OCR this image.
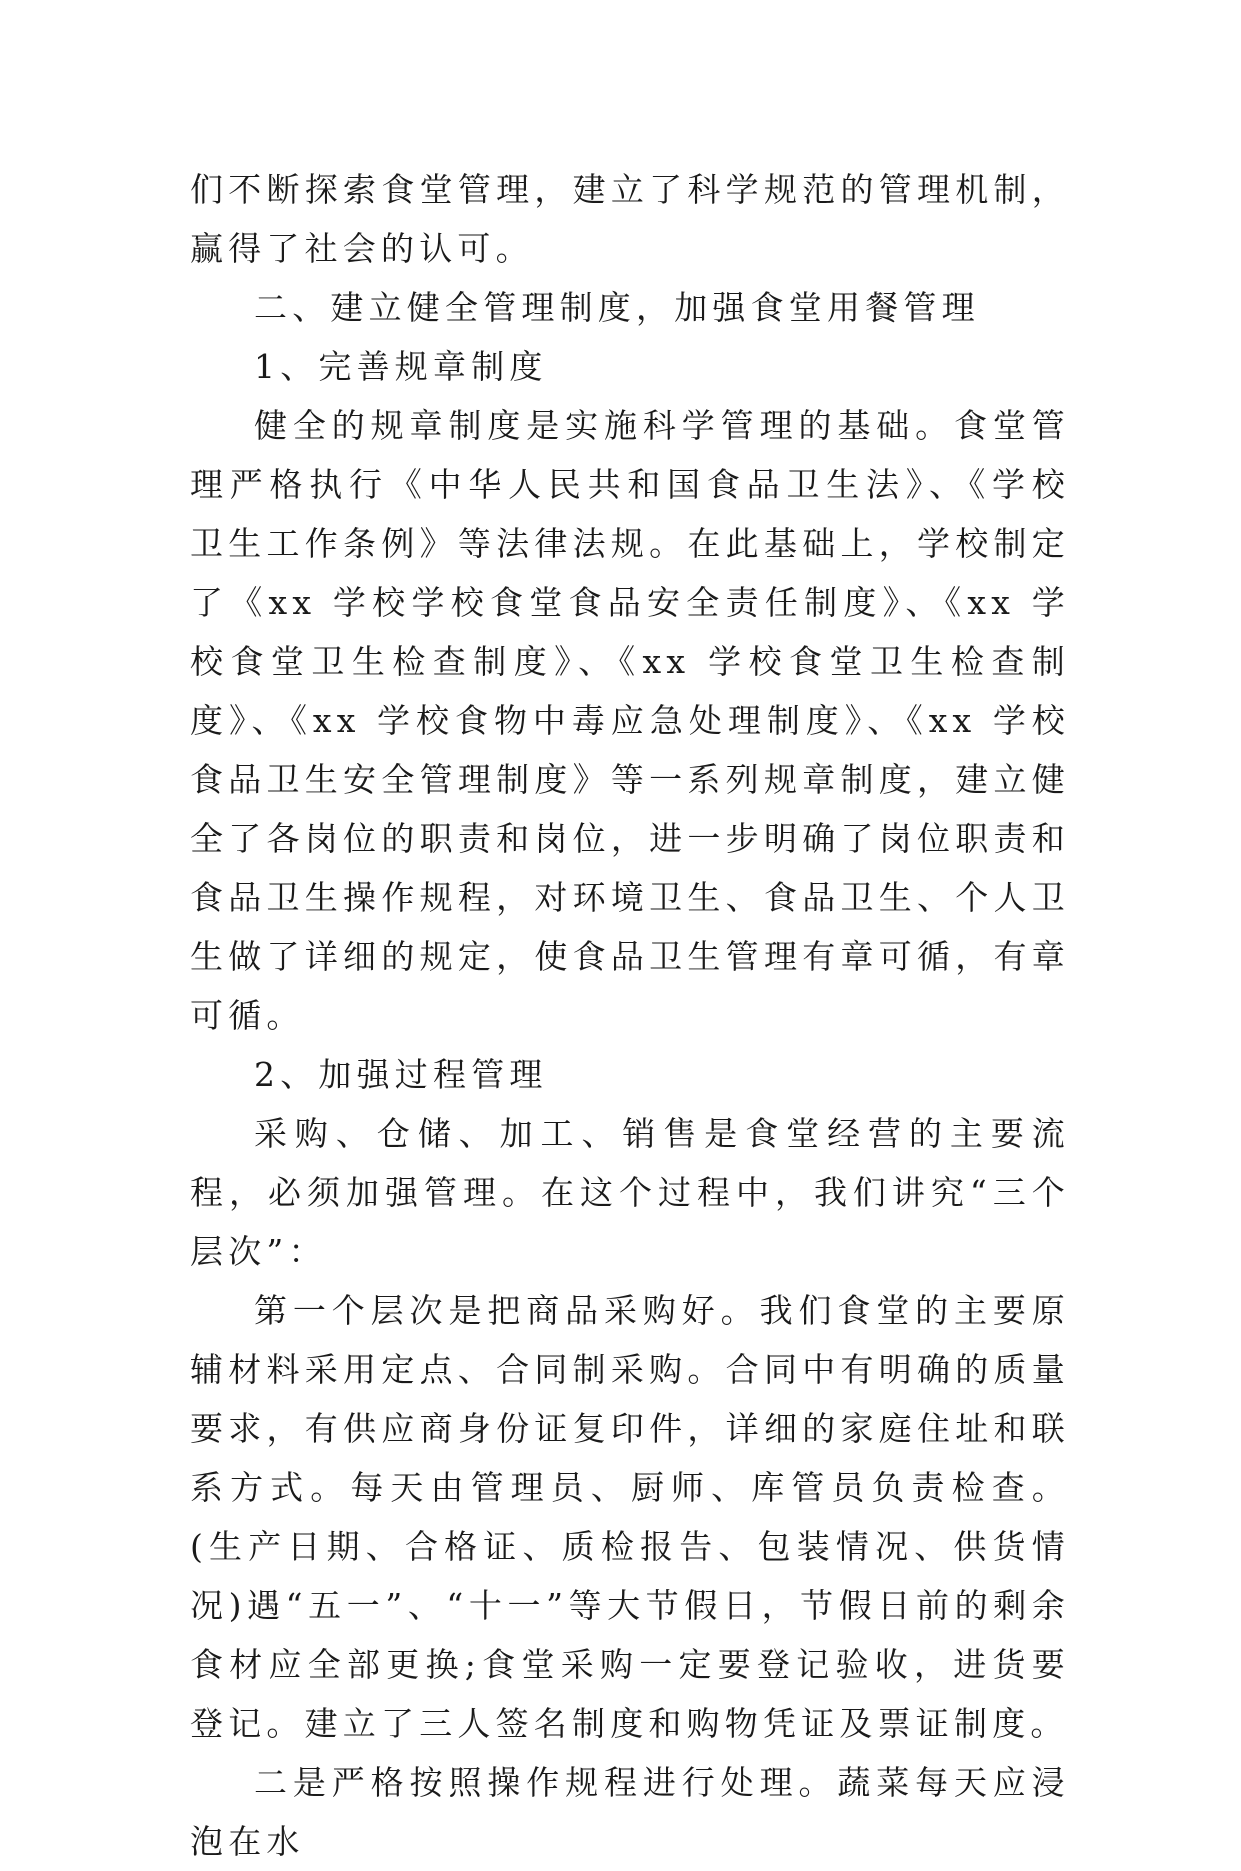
们不断探索食堂管理，建立了科学规范的管理机制，赢得了社会的认可。

二、建立健全管理制度，加强食堂用餐管理

1、完善规章制度

健全的规章制度是实施科学管理的基础。食堂管理严格执行《中华人民共和国食品卫生法》、《学校卫生工作条例》等法律法规。在此基础上，学校制定了《xx 学校学校食堂食品安全责任制度》、《xx 学校食堂卫生检查制度》、《xx 学校食堂卫生检查制度》、《xx 学校食物中毒应急处理制度》、《xx 学校食品卫生安全管理制度》等一系列规章制度，建立健全了各岗位的职责和岗位，进一步明确了岗位职责和食品卫生操作规程，对环境卫生、食品卫生、个人卫生做了详细的规定，使食品卫生管理有章可循，有章可循。

2、加强过程管理

采购、仓储、加工、销售是食堂经营的主要流程，必须加强管理。在这个过程中，我们讲究“三个层次”：

第一个层次是把商品采购好。我们食堂的主要原辅材料采用定点、合同制采购。合同中有明确的质量要求，有供应商身份证复印件，详细的家庭住址和联系方式。每天由管理员、厨师、库管员负责检查。(生产日期、合格证、质检报告、包装情况、供货情况)遇“五一”、“十一”等大节假日，节假日前的剩余食材应全部更换;食堂采购一定要登记验收，进货要登记。建立了三人签名制度和购物凭证及票证制度。

二是严格按照操作规程进行处理。蔬菜每天应浸泡在水
